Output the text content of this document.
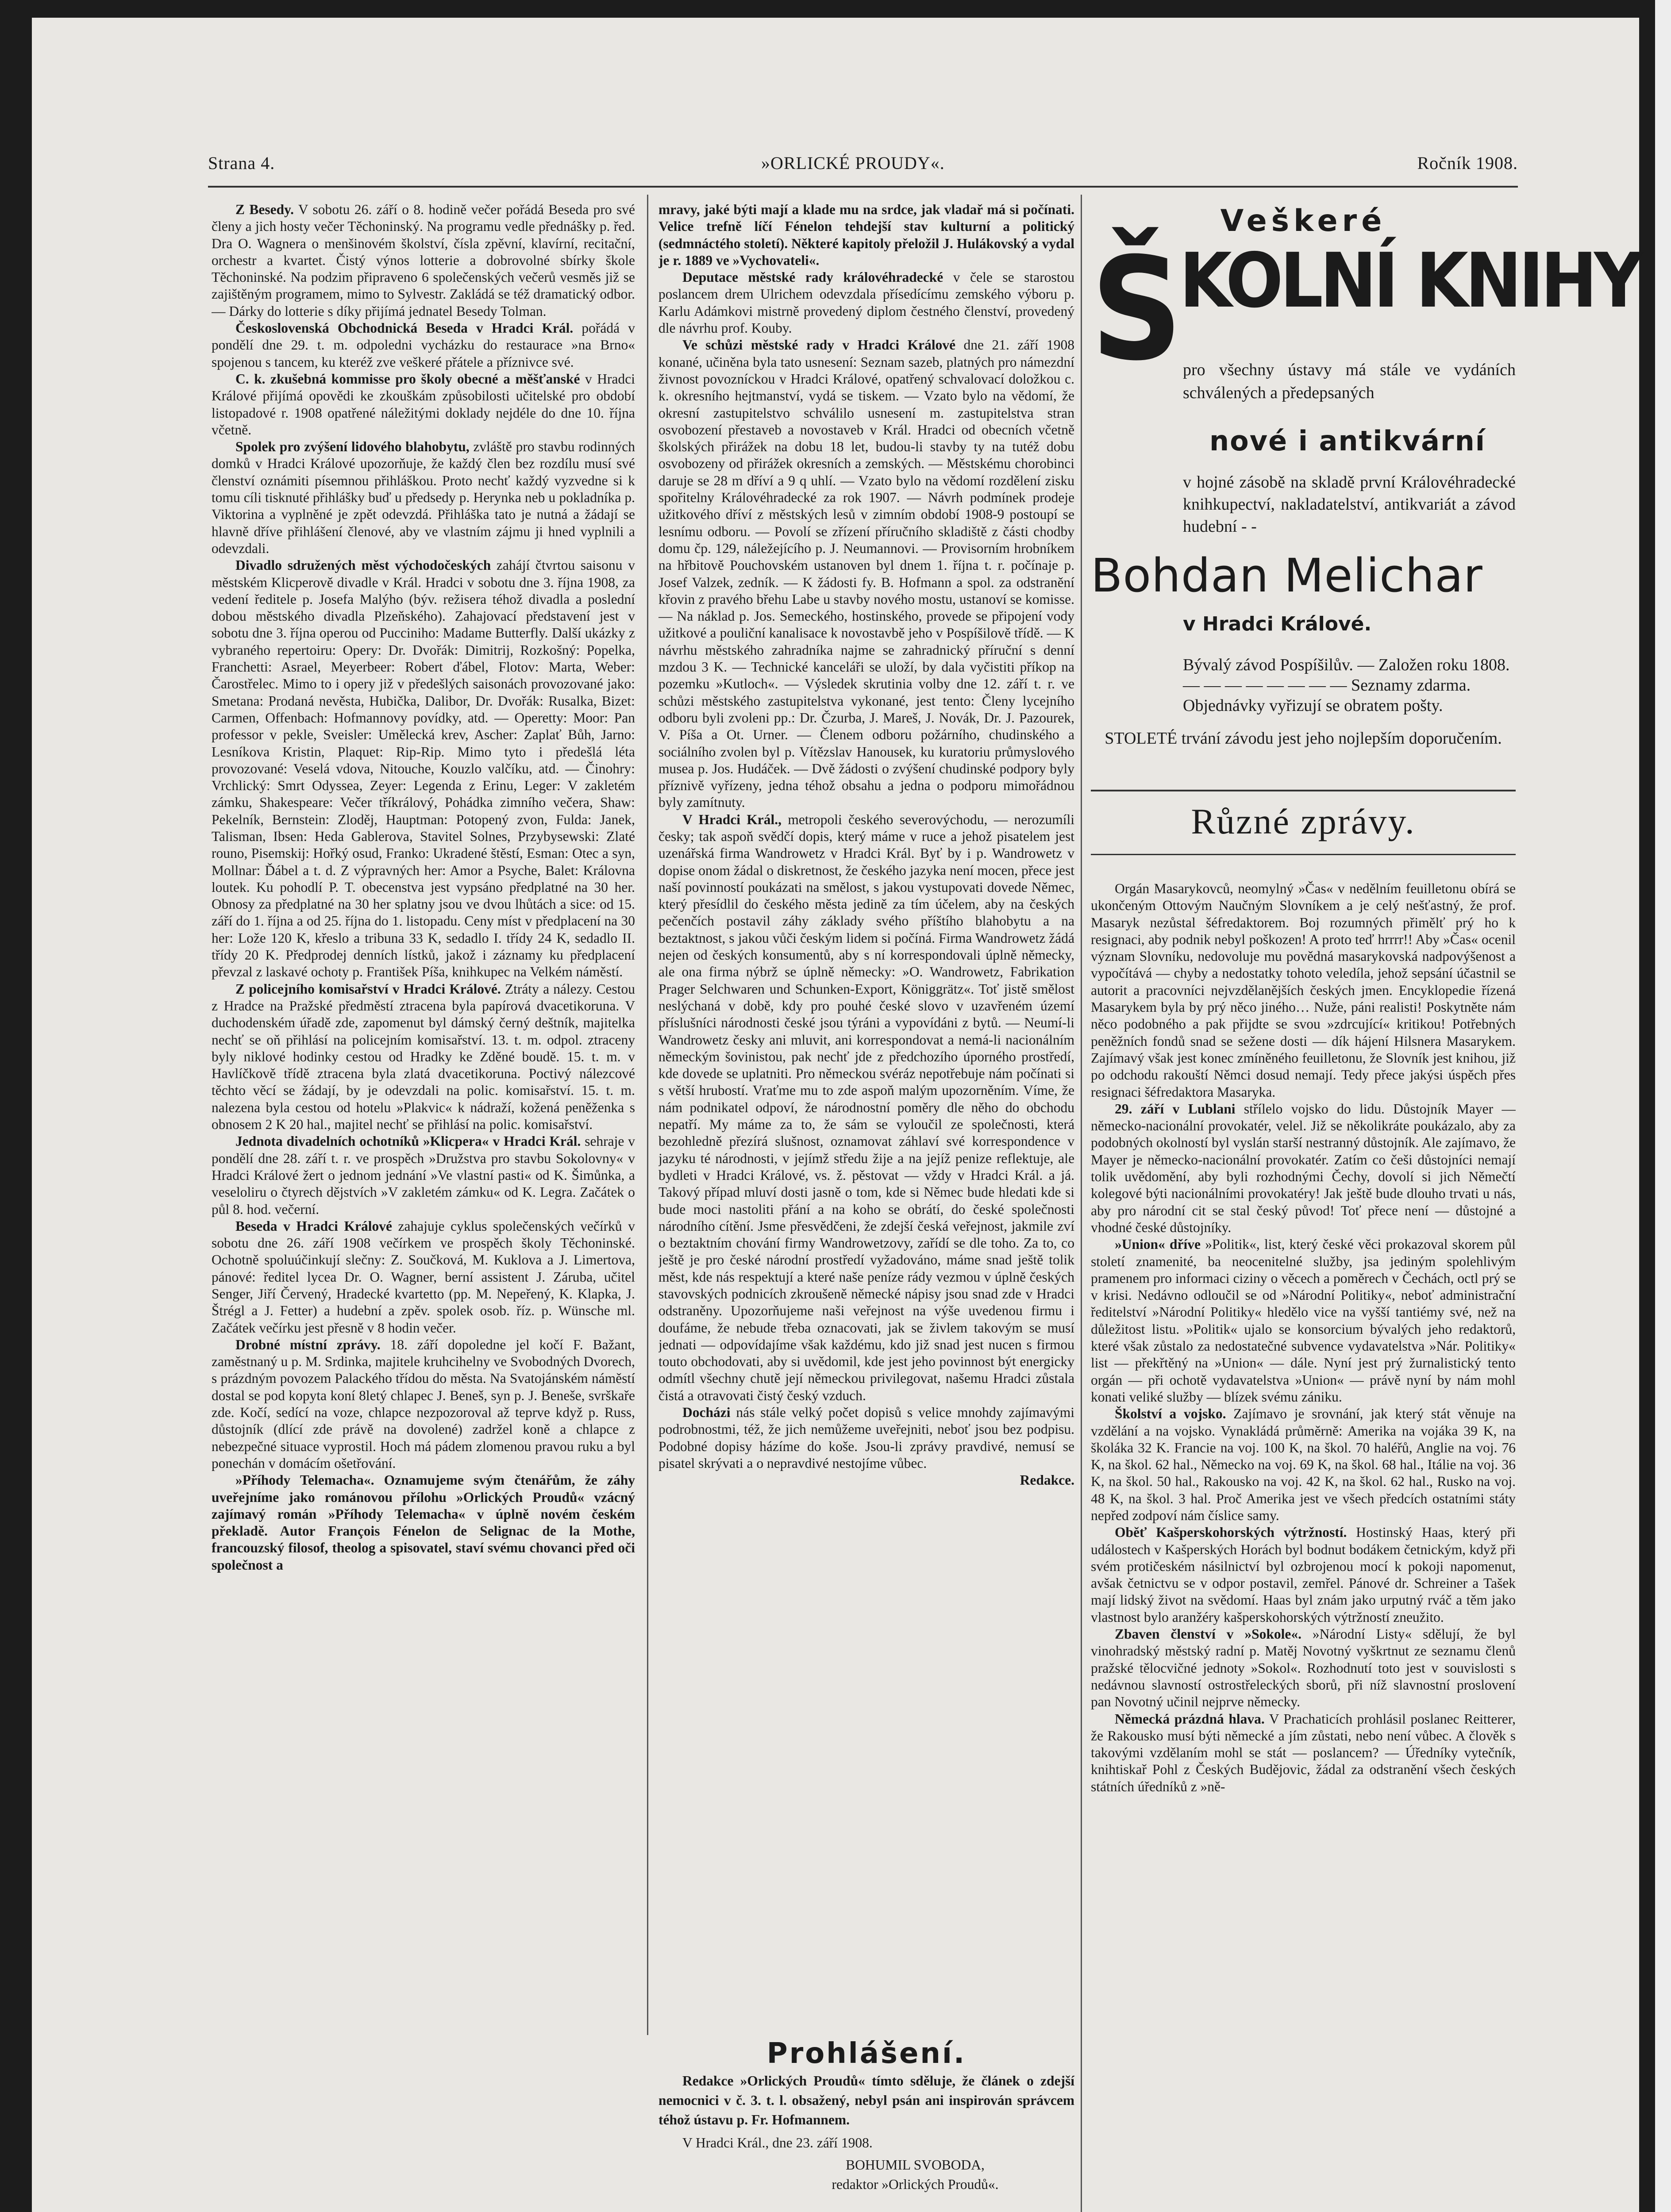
Strana 4.	»ORLICKÉ PROUDY«.	Ročník 1908.

Z Besedy. V sobotu 26. září o 8. hodině večer pořádá Beseda pro své členy a jich hosty večer Těchoninský. Na programu vedle přednášky p. řed. Dra O. Wagnera o menšinovém školství, čísla zpěvní, klavírní, recitační, orchestr a kvartet. Čistý výnos lotterie a dobrovolné sbírky škole Těchoninské. Na podzim připraveno 6 společenských večerů vesměs již se zajištěným programem, mimo to Sylvestr. Zakládá se též dramatický odbor. — Dárky do lotterie s díky přijímá jednatel Besedy Tolman.

Československá Obchodnická Beseda v Hradci Král. pořádá v pondělí dne 29. t. m. odpoledni vycházku do restaurace »na Brno« spojenou s tancem, ku kteréž zve veškeré přátele a příznivce své.

C. k. zkušebná kommisse pro školy obecné a měšťanské v Hradci Králové přijímá opovědi ke zkouškám způsobilosti učitelské pro období listopadové r. 1908 opatřené náležitými doklady nejdéle do dne 10. října včetně.

Spolek pro zvýšení lidového blahobytu, zvláště pro stavbu rodinných domků v Hradci Králové upozorňuje, že každý člen bez rozdílu musí své členství oznámiti písemnou přihláškou. Proto nechť každý vyzvedne si k tomu cíli tisknuté přihlášky buď u předsedy p. Herynka neb u pokladníka p. Viktorina a vyplněné je zpět odevzdá. Přihláška tato je nutná a žádají se hlavně dříve přihlášení členové, aby ve vlastním zájmu ji hned vyplnili a odevzdali.

Divadlo sdružených měst východočeských zahájí čtvrtou saisonu v městském Klicperově divadle v Král. Hradci v sobotu dne 3. října 1908, za vedení ředitele p. Josefa Malýho (býv. režisera téhož divadla a poslední dobou městského divadla Plzeňského). Zahajovací představení jest v sobotu dne 3. října operou od Pucciniho: Madame Butterfly. Další ukázky z vybraného repertoiru: Opery: Dr. Dvořák: Dimitrij, Rozkošný: Popelka, Franchetti: Asrael, Meyerbeer: Robert ďábel, Flotov: Marta, Weber: Čarostřelec. Mimo to i opery již v předešlých saisonách provozované jako: Smetana: Prodaná nevěsta, Hubička, Dalibor, Dr. Dvořák: Rusalka, Bizet: Carmen, Offenbach: Hofmannovy povídky, atd. — Operetty: Moor: Pan professor v pekle, Sveisler: Umělecká krev, Ascher: Zaplať Bůh, Jarno: Lesníkova Kristin, Plaquet: Rip-Rip. Mimo tyto i předešlá léta provozované: Veselá vdova, Nitouche, Kouzlo valčíku, atd. — Činohry: Vrchlický: Smrt Odyssea, Zeyer: Legenda z Erinu, Leger: V zakletém zámku, Shakespeare: Večer tříkrálový, Pohádka zimního večera, Shaw: Pekelník, Bernstein: Zloděj, Hauptman: Potopený zvon, Fulda: Janek, Talisman, Ibsen: Heda Gablerova, Stavitel Solnes, Przybysewski: Zlaté rouno, Pisemskij: Hořký osud, Franko: Ukradené štěstí, Esman: Otec a syn, Mollnar: Ďábel a t. d. Z výpravných her: Amor a Psyche, Balet: Královna loutek. Ku pohodlí P. T. obecenstva jest vypsáno předplatné na 30 her. Obnosy za předplatné na 30 her splatny jsou ve dvou lhůtách a sice: od 15. září do 1. října a od 25. října do 1. listopadu. Ceny míst v předplacení na 30 her: Lože 120 K, křeslo a tribuna 33 K, sedadlo I. třídy 24 K, sedadlo II. třídy 20 K. Předprodej denních lístků, jakož i záznamy ku předplacení převzal z laskavé ochoty p. František Píša, knihkupec na Velkém náměstí.

Z policejního komisařství v Hradci Králové. Ztráty a nálezy. Cestou z Hradce na Pražské předměstí ztracena byla papírová dvacetikoruna. V duchodenském úřadě zde, zapomenut byl dámský černý deštník, majitelka nechť se oň přihlásí na policejním komisařství. 13. t. m. odpol. ztraceny byly niklové hodinky cestou od Hradky ke Zděné boudě. 15. t. m. v Havlíčkově třídě ztracena byla zlatá dvacetikoruna. Poctivý nálezcové těchto věcí se žádají, by je odevzdali na polic. komisařství. 15. t. m. nalezena byla cestou od hotelu »Plakvic« k nádraží, kožená peněženka s obnosem 2 K 20 hal., majitel nechť se přihlásí na polic. komisařství.

Jednota divadelních ochotníků »Klicpera« v Hradci Král. sehraje v pondělí dne 28. září t. r. ve prospěch »Družstva pro stavbu Sokolovny« v Hradci Králové žert o jednom jednání »Ve vlastní pasti« od K. Šimůnka, a veseloliru o čtyrech dějstvích »V zakletém zámku« od K. Legra. Začátek o půl 8. hod. večerní.

Beseda v Hradci Králové zahajuje cyklus společenských večírků v sobotu dne 26. září 1908 večírkem ve prospěch školy Těchoninské. Ochotně spoluúčinkují slečny: Z. Součková, M. Kuklova a J. Limertova, pánové: ředitel lycea Dr. O. Wagner, berní assistent J. Záruba, učitel Senger, Jiří Červený, Hradecké kvartetto (pp. M. Nepeřený, K. Klapka, J. Štrégl a J. Fetter) a hudební a zpěv. spolek osob. říz. p. Wünsche ml. Začátek večírku jest přesně v 8 hodin večer.

Drobné místní zprávy. 18. září dopoledne jel kočí F. Bažant, zaměstnaný u p. M. Srdinka, majitele kruhcihelny ve Svobodných Dvorech, s prázdným povozem Palackého třídou do města. Na Svatojánském náměstí dostal se pod kopyta koní 8letý chlapec J. Beneš, syn p. J. Beneše, svrškaře zde. Kočí, sedící na voze, chlapce nezpozoroval až teprve když p. Russ, důstojník (dlící zde právě na dovolené) zadržel koně a chlapce z nebezpečné situace vyprostil. Hoch má pádem zlomenou pravou ruku a byl ponechán v domácím ošetřování.

»Příhody Telemacha«. Oznamujeme svým čtenářům, že záhy uveřejníme jako románovou přílohu »Orlických Proudů« vzácný zajímavý román »Příhody Telemacha« v úplně novém českém překladě. Autor François Fénelon de Selignac de la Mothe, francouzský filosof, theolog a spisovatel, staví svému chovanci před oči společnost a

mravy, jaké býti mají a klade mu na srdce, jak vladař má si počínati. Velice trefně líčí Fénelon tehdejší stav kulturní a politický (sedmnáctého století). Některé kapitoly přeložil J. Hulákovský a vydal je r. 1889 ve »Vychovateli«.

Deputace městské rady královéhradecké v čele se starostou poslancem drem Ulrichem odevzdala přísedícímu zemského výboru p. Karlu Adámkovi mistrně provedený diplom čestného členství, provedený dle návrhu prof. Kouby.

Ve schůzi městské rady v Hradci Králové dne 21. září 1908 konané, učiněna byla tato usnesení: Seznam sazeb, platných pro námezdní živnost povozníckou v Hradci Králové, opatřený schvalovací doložkou c. k. okresního hejtmanství, vydá se tiskem. — Vzato bylo na vědomí, že okresní zastupitelstvo schválilo usnesení m. zastupitelstva stran osvobození přestaveb a novostaveb v Král. Hradci od obecních včetně školských přirážek na dobu 18 let, budou-li stavby ty na tutéž dobu osvobozeny od přirážek okresních a zemských. — Městskému chorobinci daruje se 28 m dříví a 9 q uhlí. — Vzato bylo na vědomí rozdělení zisku spořitelny Královéhradecké za rok 1907. — Návrh podmínek prodeje užitkového dříví z městských lesů v zimním období 1908-9 postoupí se lesnímu odboru. — Povolí se zřízení příručního skladiště z části chodby domu čp. 129, náležejícího p. J. Neumannovi. — Provisorním hrobníkem na hřbitově Pouchovském ustanoven byl dnem 1. října t. r. počínaje p. Josef Valzek, zedník. — K žádosti fy. B. Hofmann a spol. za odstranění křovin z pravého břehu Labe u stavby nového mostu, ustanoví se komisse. — Na náklad p. Jos. Semeckého, hostinského, provede se připojení vody užitkové a pouliční kanalisace k novostavbě jeho v Pospíšilově třídě. — K návrhu městského zahradníka najme se zahradnický příruční s denní mzdou 3 K. — Technické kanceláři se uloží, by dala vyčistiti příkop na pozemku »Kutloch«. — Výsledek skrutinia volby dne 12. září t. r. ve schůzi městského zastupitelstva vykonané, jest tento: Členy lycejního odboru byli zvoleni pp.: Dr. Čzurba, J. Mareš, J. Novák, Dr. J. Pazourek, V. Píša a Ot. Urner. — Členem odboru požárního, chudinského a sociálního zvolen byl p. Vítězslav Hanousek, ku kuratoriu průmyslového musea p. Jos. Hudáček. — Dvě žádosti o zvýšení chudinské podpory byly příznivě vyřízeny, jedna téhož obsahu a jedna o podporu mimořádnou byly zamítnuty.

V Hradci Král., metropoli českého severovýchodu, — nerozumíli česky; tak aspoň svědčí dopis, který máme v ruce a jehož pisatelem jest uzenářská firma Wandrowetz v Hradci Král. Byť by i p. Wandrowetz v dopise onom žádal o diskretnost, že českého jazyka není mocen, přece jest naší povinností poukázati na smělost, s jakou vystupovati dovede Němec, který přesídlil do českého města jedině za tím účelem, aby na českých pečenčích postavil záhy základy svého příštího blahobytu a na beztaktnost, s jakou vůči českým lidem si počíná. Firma Wandrowetz žádá nejen od českých konsumentů, aby s ní korrespondovali úplně německy, ale ona firma nýbrž se úplně německy: »O. Wandrowetz, Fabrikation Prager Selchwaren und Schunken-Export, Königgrätz«. Toť jistě smělost neslýchaná v době, kdy pro pouhé české slovo v uzavřeném území příslušníci národnosti české jsou týráni a vypovídáni z bytů. — Neumí-li Wandrowetz česky ani mluvit, ani korrespondovat a nemá-li nacionálním německým šovinistou, pak nechť jde z předchozího úporného prostředí, kde dovede se uplatniti. Pro německou svéráz nepotřebuje nám počínati si s větší hrubostí. Vraťme mu to zde aspoň malým upozorněním. Víme, že nám podnikatel odpoví, že národnostní poměry dle něho do obchodu nepatří. My máme za to, že sám se vyloučil ze společnosti, která bezohledně přezírá slušnost, oznamovat záhlaví své korrespondence v jazyku té národnosti, v jejímž středu žije a na jejíž penize reflektuje, ale bydleti v Hradci Králové, vs. ž. pěstovat — vždy v Hradci Král. a já. Takový případ mluví dosti jasně o tom, kde si Němec bude hledati kde si bude moci nastoliti přání a na koho se obrátí, do české společnosti národního cítění. Jsme přesvědčeni, že zdejší česká veřejnost, jakmile zví o beztaktním chování firmy Wandrowetzovy, zařídí se dle toho. Za to, co ještě je pro české národní prostředí vyžadováno, máme snad ještě tolik měst, kde nás respektují a které naše peníze rády vezmou v úplně českých stavovských podnicích zkroušeně německé nápisy jsou snad zde v Hradci odstraněny. Upozorňujeme naši veřejnost na výše uvedenou firmu i doufáme, že nebude třeba oznacovati, jak se živlem takovým se musí jednati — odpovídajíme však každému, kdo již snad jest nucen s firmou touto obchodovati, aby si uvědomil, kde jest jeho povinnost být energicky odmítl všechny chutě její německou privilegovat, našemu Hradci zůstala čistá a otravovati čistý český vzduch.

Docházi nás stále velký počet dopisů s velice mnohdy zajímavými podrobnostmi, též, že jich nemůžeme uveřejniti, neboť jsou bez podpisu. Podobné dopisy házíme do koše. Jsou-li zprávy pravdivé, nemusí se pisatel skrývati a o nepravdivé nestojíme vůbec.

Redakce.

Prohlášení.

Redakce »Orlických Proudů« tímto sděluje, že článek o zdejší nemocnici v č. 3. t. l. obsažený, nebyl psán ani inspirován správcem téhož ústavu p. Fr. Hofmannem.

V Hradci Král., dne 23. září 1908.

BOHUMIL SVOBODA,
redaktor »Orlických Proudů«.
Veškeré
ŠKOLNÍ KNIHY
pro všechny ústavy má stále ve vydáních schválených a předepsaných
nové i antikvární
v hojné zásobě na skladě první Královéhradecké knihkupectví, nakladatelství, antikvariát a závod hudební - -
Bohdan Melichar
v Hradci Králové.
Bývalý závod Pospíšilův. — Založen roku 1808. — — — — — — — — Seznamy zdarma. Objednávky vyřizují se obratem pošty.
STOLETÉ trvání závodu jest jeho nojlepším doporučením.
Různé zprávy.

Orgán Masarykovců, neomylný »Čas« v nedělním feuilletonu obírá se ukončeným Ottovým Naučným Slovníkem a je celý nešťastný, že prof. Masaryk nezůstal šéfredaktorem. Boj rozumných přimělť prý ho k resignaci, aby podnik nebyl poškozen! A proto teď hrrrr!! Aby »Čas« ocenil význam Slovníku, nedovoluje mu povědná masarykovská nadpovýšenost a vypočítává — chyby a nedostatky tohoto veledíla, jehož sepsání účastnil se autorit a pracovníci nejvzdělanějších českých jmen. Encyklopedie řízená Masarykem byla by prý něco jiného… Nuže, páni realisti! Poskytněte nám něco podobného a pak přijdte se svou »zdrcující« kritikou! Potřebných peněžních fondů snad se sežene dosti — dík hájení Hilsnera Masarykem. Zajímavý však jest konec zmíněného feuilletonu, že Slovník jest knihou, již po odchodu rakouští Němci dosud nemají. Tedy přece jakýsi úspěch přes resignaci šéfredaktora Masaryka.

29. září v Lublani střílelo vojsko do lidu. Důstojník Mayer — německo-nacionální provokatér, velel. Již se několikráte poukázalo, aby za podobných okolností byl vyslán starší nestranný důstojník. Ale zajímavo, že Mayer je německo-nacionální provokatér. Zatím co češi důstojníci nemají tolik uvědomění, aby byli rozhodnými Čechy, dovolí si jich Němečtí kolegové býti nacionálními provokatéry! Jak ještě bude dlouho trvati u nás, aby pro národní cit se stal český původ! Toť přece není — důstojné a vhodné české důstojníky.

»Union« dříve »Politik«, list, který české věci prokazoval skorem půl století znamenité, ba neocenitelné služby, jsa jediným spolehlivým pramenem pro informaci ciziny o věcech a poměrech v Čechách, octl prý se v krisi. Nedávno odloučil se od »Národní Politiky«, neboť administrační ředitelství »Národní Politiky« hledělo vice na vyšší tantiémy své, než na důležitost listu. »Politik« ujalo se konsorcium bývalých jeho redaktorů, které však zůstalo za nedostatečné subvence vydavatelstva »Nár. Politiky« list — překřtěný na »Union« — dále. Nyní jest prý žurnalistický tento orgán — při ochotě vydavatelstva »Union« — právě nyní by nám mohl konati veliké služby — blízek svému zániku.

Školství a vojsko. Zajímavo je srovnání, jak který stát věnuje na vzdělání a na vojsko. Vynakládá průměrně: Amerika na vojáka 39 K, na školáka 32 K. Francie na voj. 100 K, na škol. 70 haléřů, Anglie na voj. 76 K, na škol. 62 hal., Německo na voj. 69 K, na škol. 68 hal., Itálie na voj. 36 K, na škol. 50 hal., Rakousko na voj. 42 K, na škol. 62 hal., Rusko na voj. 48 K, na škol. 3 hal. Proč Amerika jest ve všech předcích ostatními státy nepřed zodpoví nám číslice samy.

Oběť Kašperskohorských výtržností. Hostinský Haas, který při událostech v Kašperských Horách byl bodnut bodákem četnickým, když při svém protičeském násilnictví byl ozbrojenou mocí k pokoji napomenut, avšak četnictvu se v odpor postavil, zemřel. Pánové dr. Schreiner a Tašek mají lidský život na svědomí. Haas byl znám jako urputný rváč a těm jako vlastnost bylo aranžéry kašperskohorských výtržností zneužito.

Zbaven členství v »Sokole«. »Národní Listy« sdělují, že byl vinohradský městský radní p. Matěj Novotný vyškrtnut ze seznamu členů pražské tělocvičné jednoty »Sokol«. Rozhodnutí toto jest v souvislosti s nedávnou slavností ostrostřeleckých sborů, při níž slavnostní proslovení pan Novotný učinil nejprve německy.

Německá prázdná hlava. V Prachaticích prohlásil poslanec Reitterer, že Rakousko musí býti německé a jím zůstati, nebo není vůbec. A člověk s takovými vzdělaním mohl se stát — poslancem? — Úředníky vytečník, knihtiskař Pohl z Českých Budějovic, žádal za odstranění všech českých státních úředníků z »ně-
